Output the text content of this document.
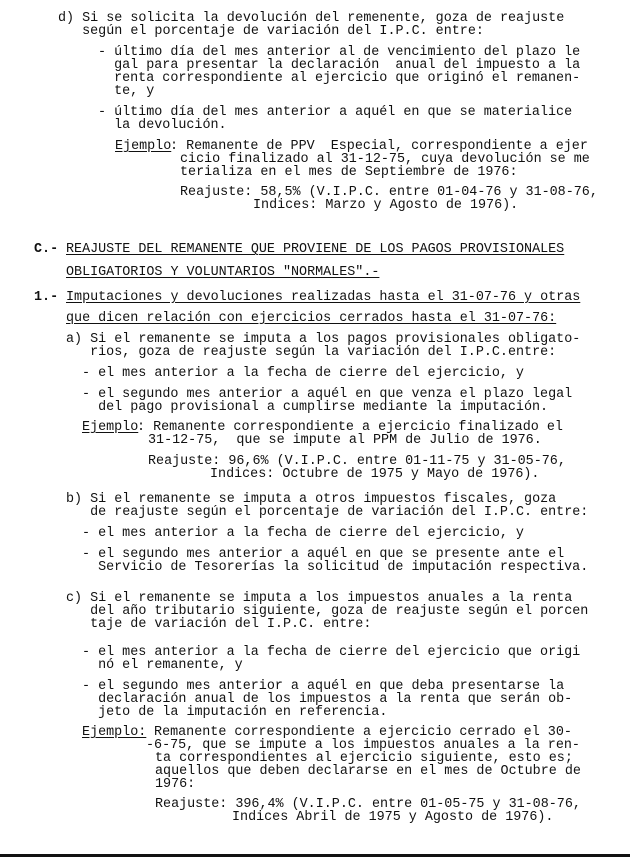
d) Si se solicita la devolución del remenente, goza de reajuste
según el porcentaje de variación del I.P.C. entre:
- último día del mes anterior al de vencimiento del plazo le
gal para presentar la declaración  anual del impuesto a la
renta correspondiente al ejercicio que originó el remanen-
te, y
- último día del mes anterior a aquél en que se materialice
la devolución.
Ejemplo
: Remanente de PPV  Especial, correspondiente a ejer
cicio finalizado al 31-12-75, cuya devolución se me
terializa en el mes de Septiembre de 1976:
Reajuste: 58,5% (V.I.P.C. entre 01-04-76 y 31-08-76,
Indices: Marzo y Agosto de 1976).
C.- REAJUSTE DEL REMANENTE QUE PROVIENE DE LOS PAGOS PROVISIONALES
OBLIGATORIOS Y VOLUNTARIOS "NORMALES".-
1.- Imputaciones y devoluciones realizadas hasta el 31-07-76 y otras
que dicen relación con ejercicios cerrados hasta el 31-07-76:
a) Si el remanente se imputa a los pagos provisionales obligato-
rios, goza de reajuste según la variación del I.P.C.entre:
- el mes anterior a la fecha de cierre del ejercicio, y
- el segundo mes anterior a aquél en que venza el plazo legal
del pago provisional a cumplirse mediante la imputación.
Ejemplo
: Remanente correspondiente a ejercicio finalizado el
31-12-75,  que se impute al PPM de Julio de 1976.
Reajuste: 96,6% (V.I.P.C. entre 01-11-75 y 31-05-76,
Indices: Octubre de 1975 y Mayo de 1976).
b) Si el remanente se imputa a otros impuestos fiscales, goza
de reajuste según el porcentaje de variación del I.P.C. entre:
- el mes anterior a la fecha de cierre del ejercicio, y
- el segundo mes anterior a aquél en que se presente ante el
Servicio de Tesorerías la solicitud de imputación respectiva.
c) Si el remanente se imputa a los impuestos anuales a la renta
del año tributario siguiente, goza de reajuste según el porcen
taje de variación del I.P.C. entre:
- el mes anterior a la fecha de cierre del ejercicio que origi
nó el remanente, y
- el segundo mes anterior a aquél en que deba presentarse la
declaración anual de los impuestos a la renta que serán ob-
jeto de la imputación en referencia.
Ejemplo: Remanente correspondiente a ejercicio cerrado el 30-
-6-75, que se impute a los impuestos anuales a la ren-
ta correspondientes al ejercicio siguiente, esto es;
aquellos que deben declararse en el mes de Octubre de
1976:
Reajuste: 396,4% (V.I.P.C. entre 01-05-75 y 31-08-76,
Indices Abril de 1975 y Agosto de 1976).
